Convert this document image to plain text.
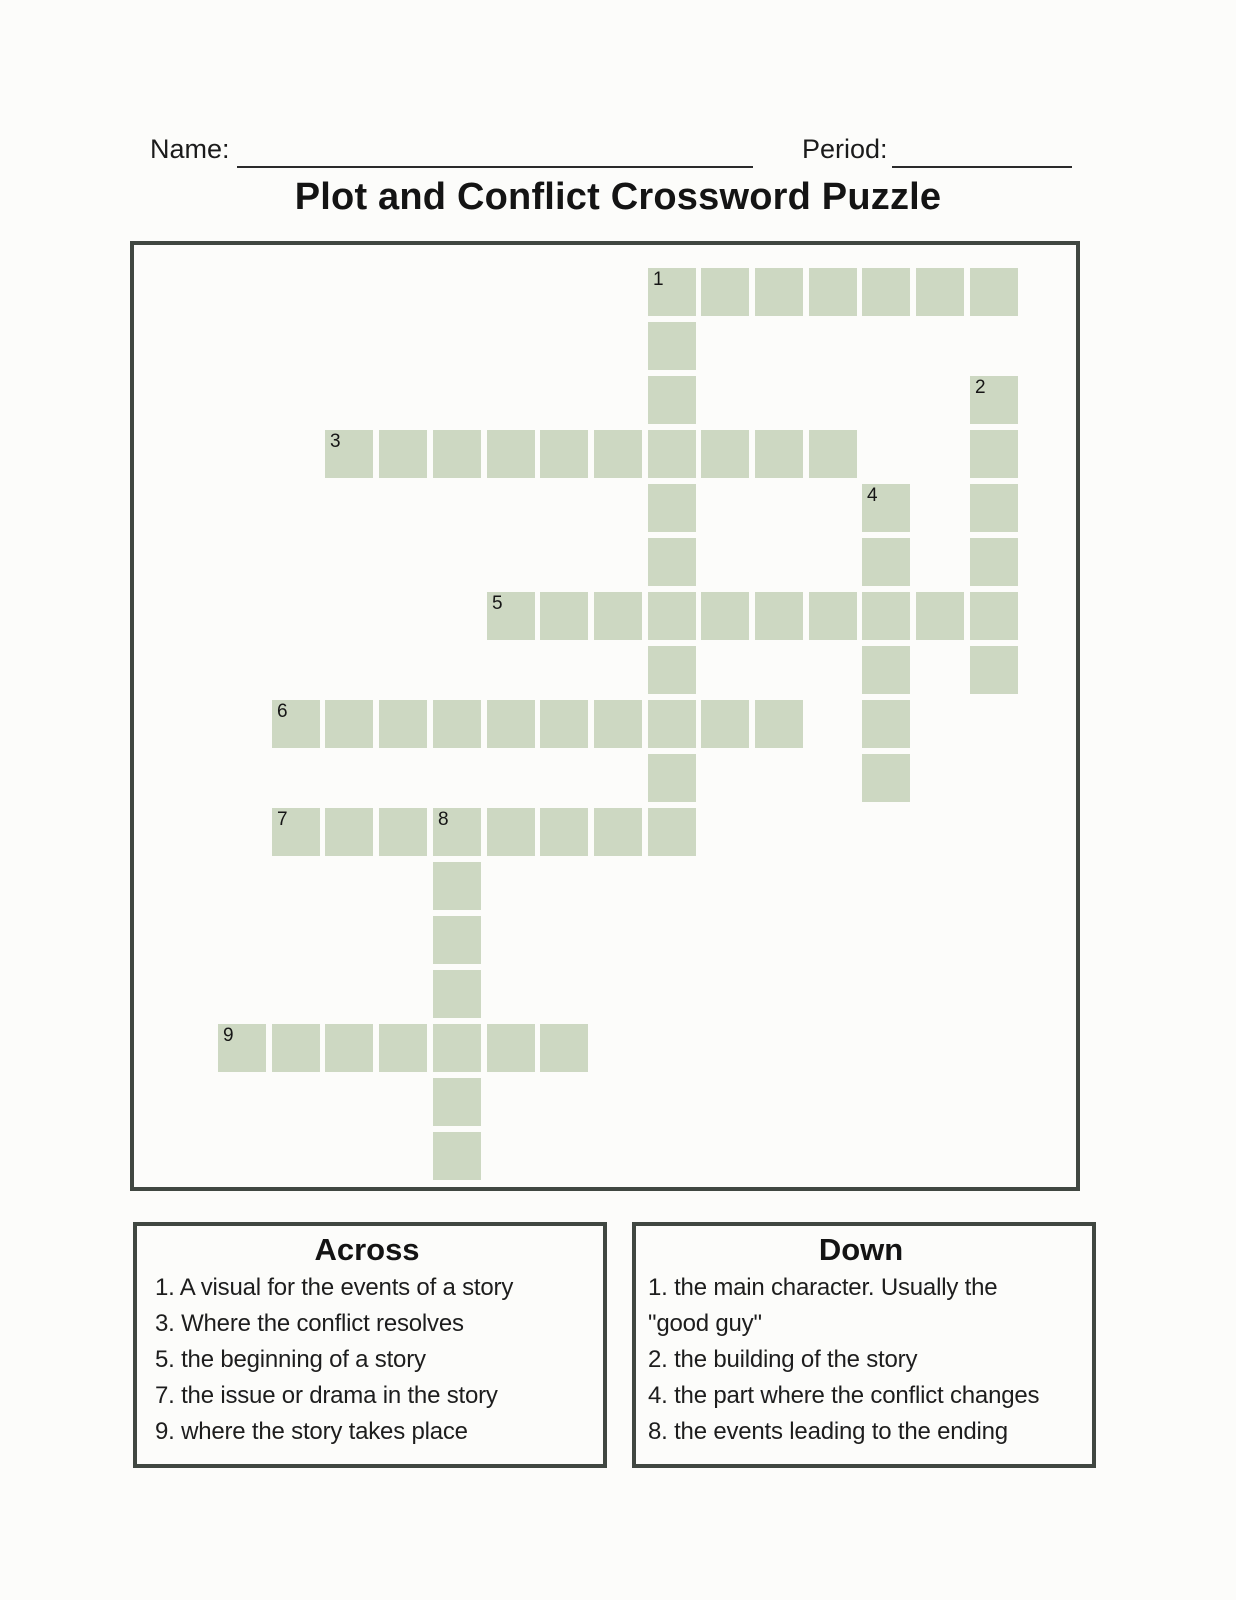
Name:	Period:
Plot and Conflict Crossword Puzzle
1
2
3
4
5
6
7	8
9
Across
1. A visual for the events of a story
3. Where the conflict resolves
5. the beginning of a story
7. the issue or drama in the story
9. where the story takes place
Down
1. the main character. Usually the
"good guy"
2. the building of the story
4. the part where the conflict changes
8. the events leading to the ending
